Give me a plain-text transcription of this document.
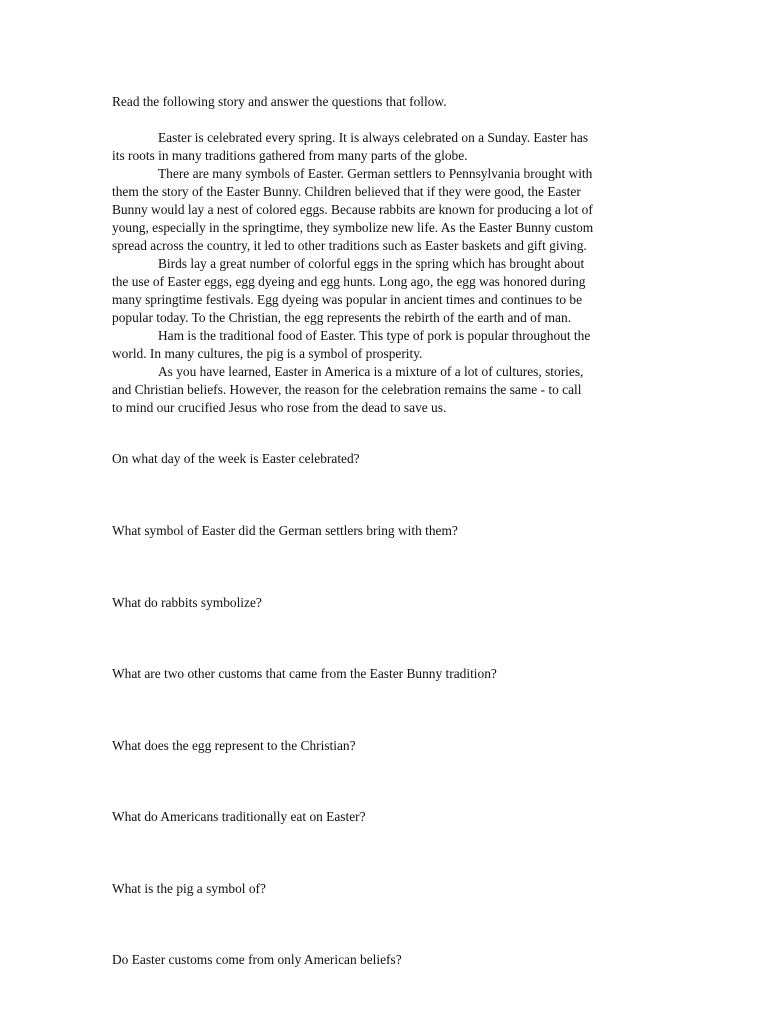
Read the following story and answer the questions that follow.
Easter is celebrated every spring. It is always celebrated on a Sunday. Easter has
its roots in many traditions gathered from many parts of the globe.
There are many symbols of Easter. German settlers to Pennsylvania brought with
them the story of the Easter Bunny. Children believed that if they were good, the Easter
Bunny would lay a nest of colored eggs. Because rabbits are known for producing a lot of
young, especially in the springtime, they symbolize new life. As the Easter Bunny custom
spread across the country, it led to other traditions such as Easter baskets and gift giving.
Birds lay a great number of colorful eggs in the spring which has brought about
the use of Easter eggs, egg dyeing and egg hunts. Long ago, the egg was honored during
many springtime festivals. Egg dyeing was popular in ancient times and continues to be
popular today. To the Christian, the egg represents the rebirth of the earth and of man.
Ham is the traditional food of Easter. This type of pork is popular throughout the
world. In many cultures, the pig is a symbol of prosperity.
As you have learned, Easter in America is a mixture of a lot of cultures, stories,
and Christian beliefs. However, the reason for the celebration remains the same - to call
to mind our crucified Jesus who rose from the dead to save us.
On what day of the week is Easter celebrated?
What symbol of Easter did the German settlers bring with them?
What do rabbits symbolize?
What are two other customs that came from the Easter Bunny tradition?
What does the egg represent to the Christian?
What do Americans traditionally eat on Easter?
What is the pig a symbol of?
Do Easter customs come from only American beliefs?
